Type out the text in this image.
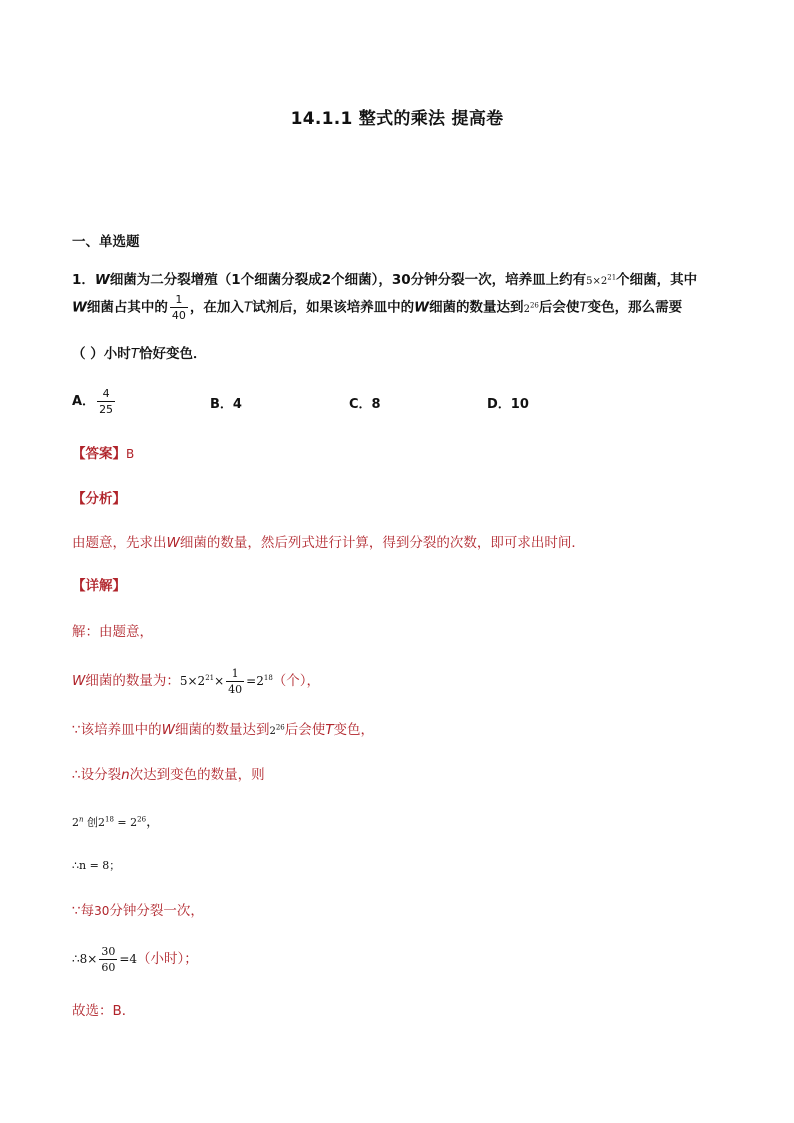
14.1.1 整式的乘法 提高卷
一、单选题
1．W细菌为二分裂增殖（1个细菌分裂成2个细菌），30分钟分裂一次，培养皿上约有$5\times 2^{21}$个细菌，其中
W细菌占其中的 $\frac{1}{40}$ ，在加入T试剂后，如果该培养皿中的W细菌的数量达到$2^{26}$后会使T变色，那么需要
（ ）小时T恰好变色．
A． $\frac{4}{25}$	B．4	C．8	D．10
【答案】B
【分析】
由题意，先求出W细菌的数量，然后列式进行计算，得到分裂的次数，即可求出时间．
【详解】
解：由题意，
W细菌的数量为：$5\times 2^{21}\times \frac{1}{40} =2^{18}$（个），
∵该培养皿中的W细菌的数量达到$2^{26}$后会使T变色，
∴设分裂n次达到变色的数量，则
2$^n$ 创$2^{18} = 2^{26}$，
∴n = 8；
∵每30分钟分裂一次，
∴8× $\frac{30}{60} =4$（小时）；
故选：B．
